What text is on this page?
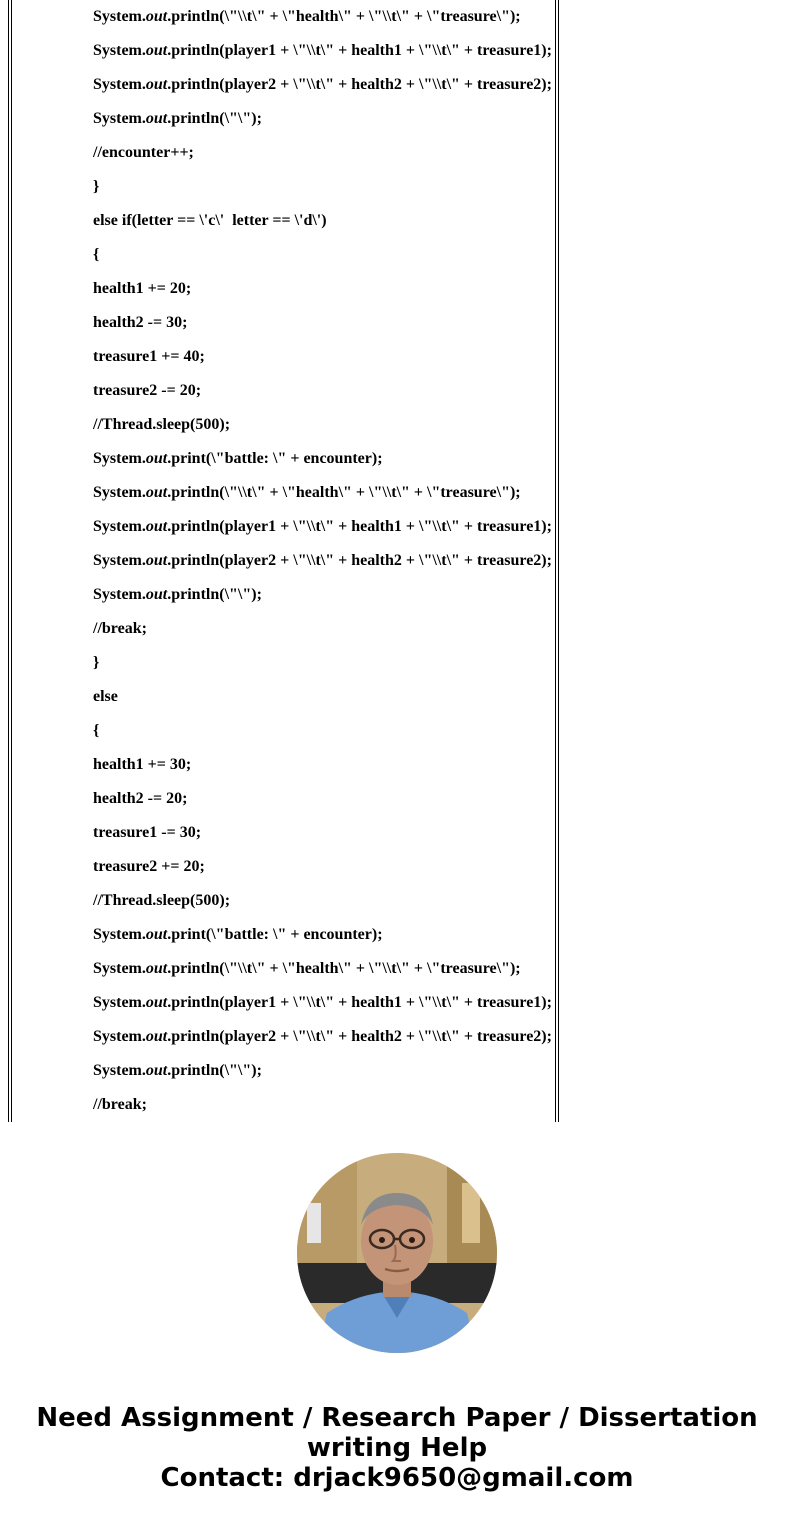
System.out.println(\"\\t\" + \"health\" + \"\\t\" + \"treasure\");
System.out.println(player1 + \"\\t\" + health1 + \"\\t\" + treasure1);
System.out.println(player2 + \"\\t\" + health2 + \"\\t\" + treasure2);
System.out.println(\"\");
//encounter++;
}
else if(letter == \'c\'  letter == \'d\')
{
health1 += 20;
health2 -= 30;
treasure1 += 40;
treasure2 -= 20;
//Thread.sleep(500);
System.out.print(\"battle: \" + encounter);
System.out.println(\"\\t\" + \"health\" + \"\\t\" + \"treasure\");
System.out.println(player1 + \"\\t\" + health1 + \"\\t\" + treasure1);
System.out.println(player2 + \"\\t\" + health2 + \"\\t\" + treasure2);
System.out.println(\"\");
//break;
}
else
{
health1 += 30;
health2 -= 20;
treasure1 -= 30;
treasure2 += 20;
//Thread.sleep(500);
System.out.print(\"battle: \" + encounter);
System.out.println(\"\\t\" + \"health\" + \"\\t\" + \"treasure\");
System.out.println(player1 + \"\\t\" + health1 + \"\\t\" + treasure1);
System.out.println(player2 + \"\\t\" + health2 + \"\\t\" + treasure2);
System.out.println(\"\");
//break;
Need Assignment / Research Paper / Dissertation
writing Help
Contact: drjack9650@gmail.com
